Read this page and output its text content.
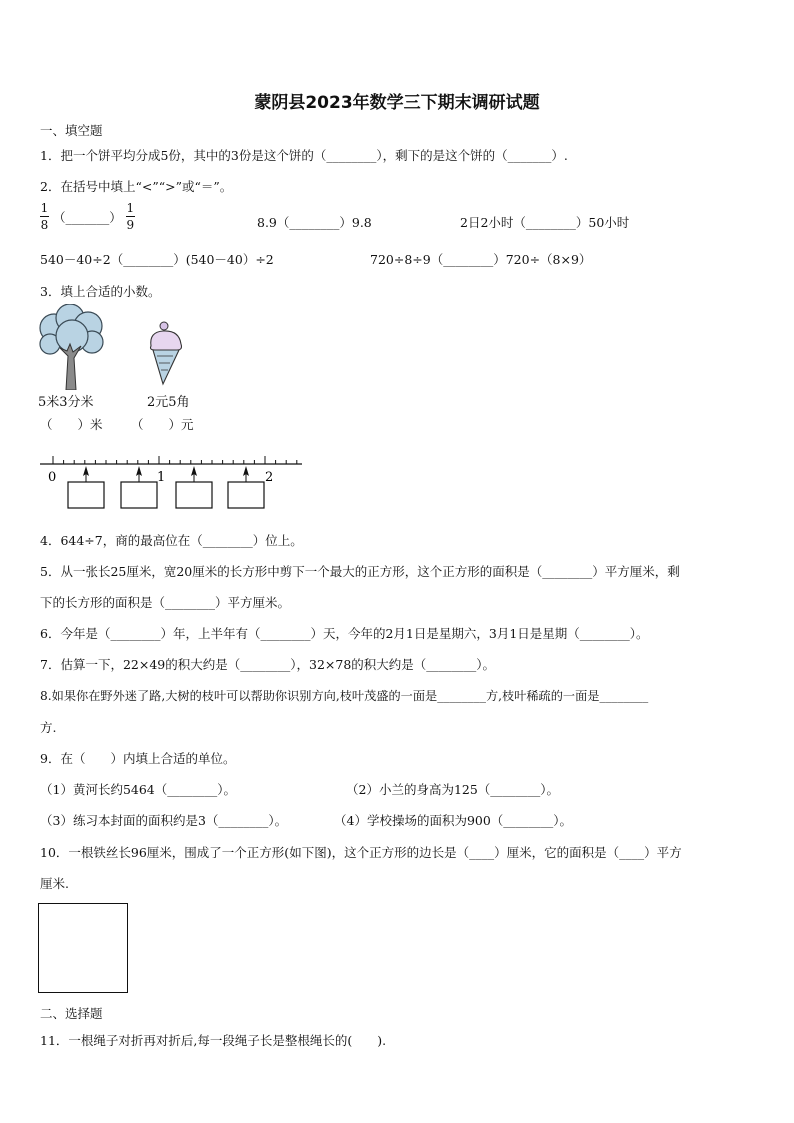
蒙阴县2023年数学三下期末调研试题
一、填空题
1．把一个饼平均分成5份，其中的3份是这个饼的（________），剩下的是这个饼的（_______）.
2．在括号中填上“<”“>”或“＝”。
$\frac{1}{8}$ （_______） $\frac{1}{9}$	8.9（________）9.8	2日2小时（________）50小时
540－40÷2（________）(540－40）÷2	720÷8÷9（________）720÷（8×9）
3．填上合适的小数。
5米3分米	2元5角
（　　）米 （　　）元
0	1	2
4．644÷7，商的最高位在（________）位上。
5．从一张长25厘米，宽20厘米的长方形中剪下一个最大的正方形，这个正方形的面积是（________）平方厘米，剩
下的长方形的面积是（________）平方厘米。
6．今年是（________）年，上半年有（________）天，今年的2月1日是星期六，3月1日是星期（________）。
7．估算一下，22×49的积大约是（________），32×78的积大约是（________）。
8.如果你在野外迷了路,大树的枝叶可以帮助你识别方向,枝叶茂盛的一面是________方,枝叶稀疏的一面是________
方.
9．在（　　）内填上合适的单位。
（1）黄河长约5464（________）。	（2）小兰的身高为125（________）。
（3）练习本封面的面积约是3（________）。	（4）学校操场的面积为900（________）。
10．一根铁丝长96厘米，围成了一个正方形(如下图)，这个正方形的边长是（____）厘米，它的面积是（____）平方
厘米.
二、选择题
11．一根绳子对折再对折后,每一段绳子长是整根绳长的(　　).
